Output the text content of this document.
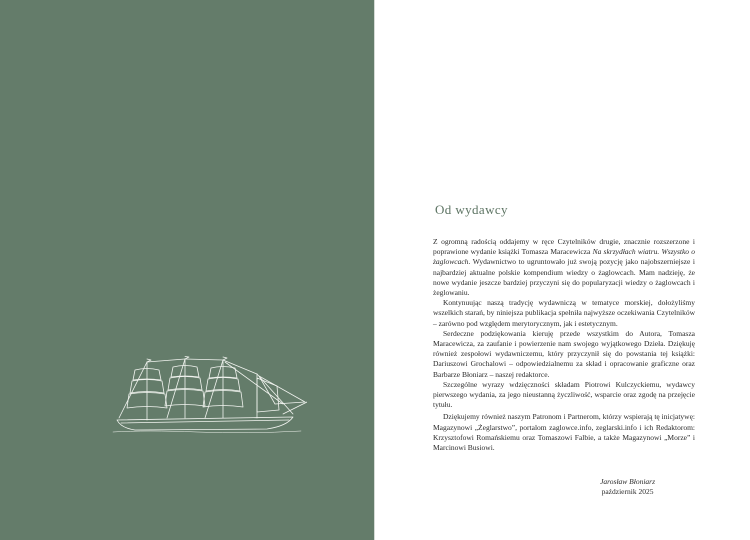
Od wydawcy

Z ogromną radością oddajemy w ręce Czytelników drugie, znacznie rozszerzone i poprawione wydanie książki Tomasza Maracewicza Na skrzydłach wiatru. Wszystko o żaglowcach. Wydawnictwo to ugruntowało już swoją pozycję jako najobszerniejsze i najbardziej aktualne polskie kompendium wiedzy o żaglowcach. Mam nadzieję, że nowe wydanie jeszcze bardziej przyczyni się do popularyzacji wiedzy o żaglowcach i żeglowaniu.

Kontynuując naszą tradycję wydawniczą w tematyce morskiej, dołożyliśmy wszelkich starań, by niniejsza publikacja spełniła najwyższe oczekiwania Czytelników – zarówno pod względem merytorycznym, jak i estetycznym.

Serdeczne podziękowania kieruję przede wszystkim do Autora, Tomasza Maracewicza, za zaufanie i powierzenie nam swojego wyjątkowego Dzieła. Dziękuję również zespołowi wydawniczemu, który przyczynił się do powstania tej książki: Dariuszowi Grochalowi – odpowiedzialnemu za skład i opracowanie graficzne oraz Barbarze Błoniarz – naszej redaktorce.

Szczególne wyrazy wdzięczności składam Piotrowi Kulczyckiemu, wydawcy pierwszego wydania, za jego nieustanną życzliwość, wsparcie oraz zgodę na przejęcie tytułu.

Dziękujemy również naszym Patronom i Partnerom, którzy wspierają tę inicjatywę: Magazynowi „Żeglarstwo”, portalom zaglowce.info, zeglarski.info i ich Redaktorom: Krzysztofowi Romańskiemu oraz Tomaszowi Falbie, a także Magazynowi „Morze” i Marcinowi Busiowi.

Jarosław Błoniarz
październik 2025
